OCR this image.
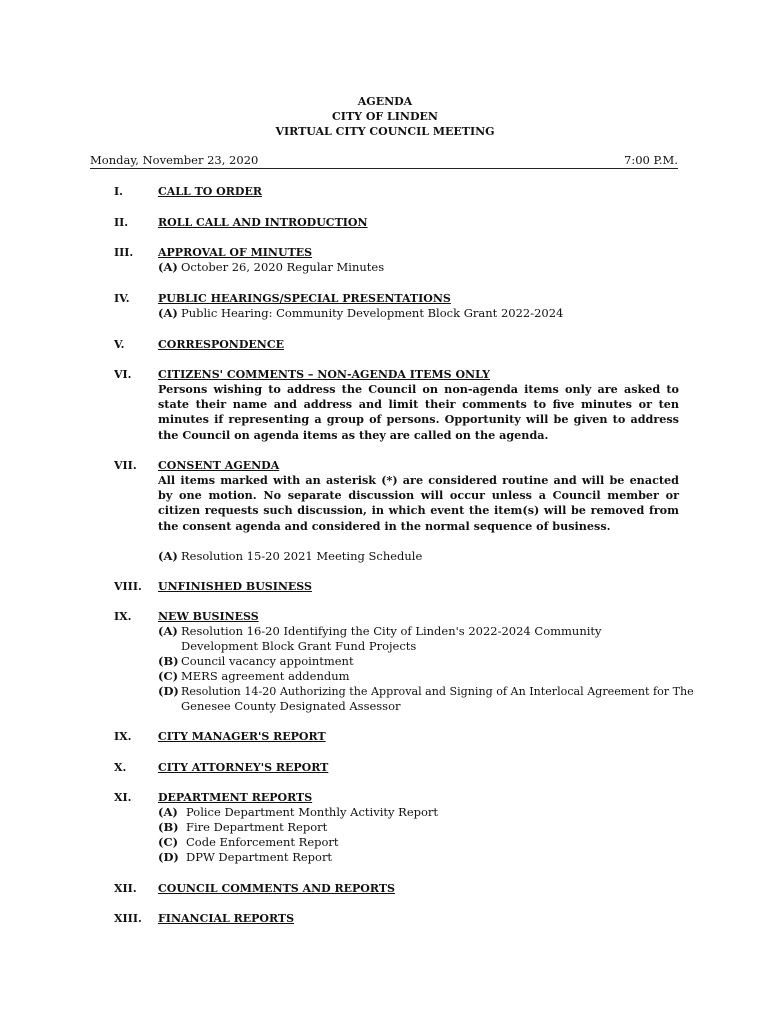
AGENDA
CITY OF LINDEN
VIRTUAL CITY COUNCIL MEETING
Monday, November 23, 2020	7:00 P.M.
I.	CALL TO ORDER
II.	ROLL CALL AND INTRODUCTION
III. APPROVAL OF MINUTES
(A) October 26, 2020 Regular Minutes
IV.	PUBLIC HEARINGS/SPECIAL PRESENTATIONS
(A) Public Hearing: Community Development Block Grant 2022-2024
V.	CORRESPONDENCE
VI. CITIZENS' COMMENTS – NON-AGENDA ITEMS ONLY
Persons wishing to address the Council on non-agenda items only are asked to state their name and address and limit their comments to five minutes or ten minutes if representing a group of persons. Opportunity will be given to address the Council on agenda items as they are called on the agenda.
VII. CONSENT AGENDA
All items marked with an asterisk (*) are considered routine and will be enacted by one motion. No separate discussion will occur unless a Council member or citizen requests such discussion, in which event the item(s) will be removed from the consent agenda and considered in the normal sequence of business.
(A) Resolution 15-20 2021 Meeting Schedule
VIII. UNFINISHED BUSINESS
IX. NEW BUSINESS
(A) Resolution 16-20 Identifying the City of Linden's 2022-2024 Community
Development Block Grant Fund Projects
(B) Council vacancy appointment
(C) MERS agreement addendum
(D) Resolution 14-20 Authorizing the Approval and Signing of An Interlocal Agreement for The
Genesee County Designated Assessor
IX. CITY MANAGER'S REPORT
X.	CITY ATTORNEY'S REPORT
XI. DEPARTMENT REPORTS
(A) Police Department Monthly Activity Report
(B) Fire Department Report
(C) Code Enforcement Report
(D) DPW Department Report
XII. COUNCIL COMMENTS AND REPORTS
XIII. FINANCIAL REPORTS
